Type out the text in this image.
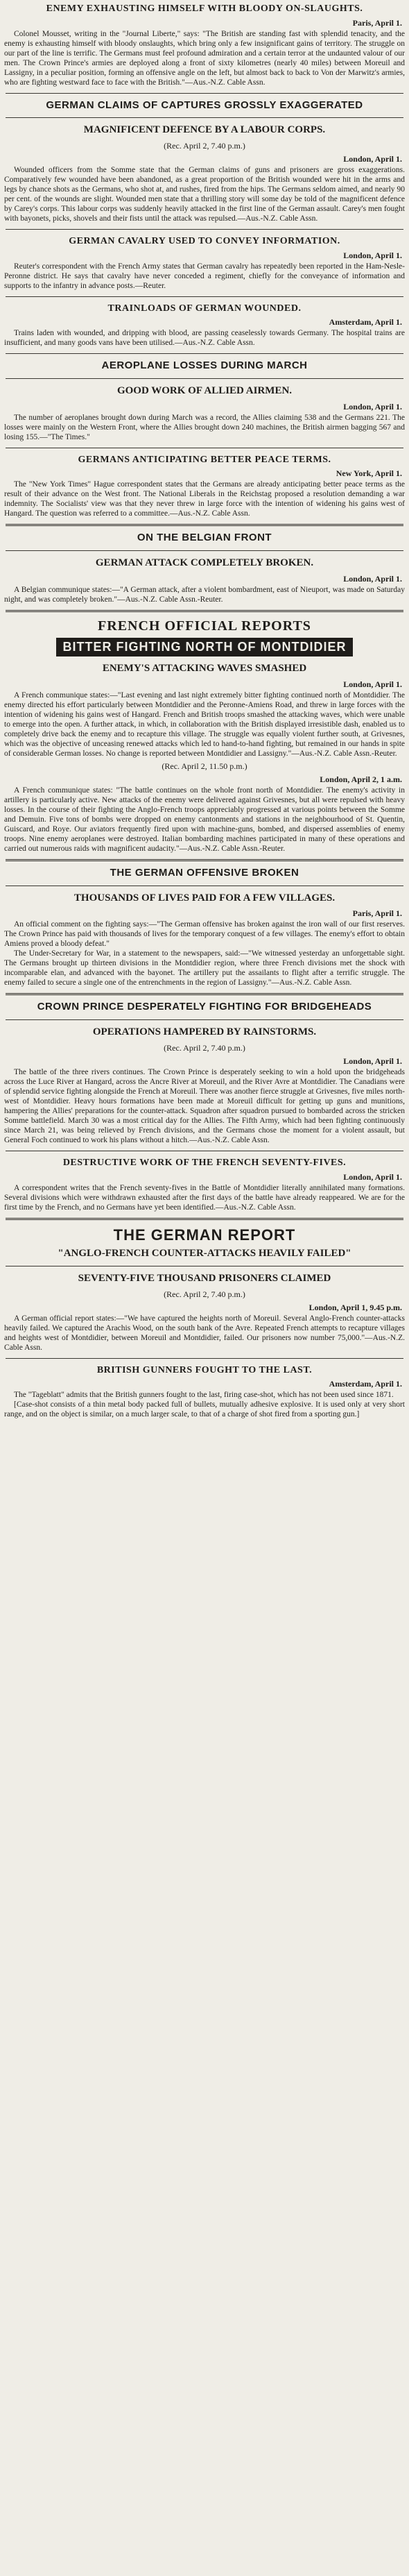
ENEMY EXHAUSTING HIMSELF WITH BLOODY ON-SLAUGHTS.
Paris, April 1.

Colonel Mousset, writing in the "Journal Liberte," says: "The British are standing fast with splendid tenacity, and the enemy is exhausting himself with bloody onslaughts, which bring only a few insignificant gains of territory. The struggle on our part of the line is terrific. The Germans must feel profound admiration and a certain terror at the undaunted valour of our men. The Crown Prince's armies are deployed along a front of sixty kilometres (nearly 40 miles) between Moreuil and Lassigny, in a peculiar position, forming an offensive angle on the left, but almost back to back to Von der Marwitz's armies, who are fighting westward face to face with the British."—Aus.-N.Z. Cable Assn.

GERMAN CLAIMS OF CAPTURES GROSSLY EXAGGERATED
MAGNIFICENT DEFENCE BY A LABOUR CORPS.
(Rec. April 2, 7.40 p.m.)
London, April 1.

Wounded officers from the Somme state that the German claims of guns and prisoners are gross exaggerations. Comparatively few wounded have been abandoned, as a great proportion of the British wounded were hit in the arms and legs by chance shots as the Germans, who shot at, and rushes, fired from the hips. The Germans seldom aimed, and nearly 90 per cent. of the wounds are slight. Wounded men state that a thrilling story will some day be told of the magnificent defence by Carey's corps. This labour corps was suddenly heavily attacked in the first line of the German assault. Carey's men fought with bayonets, picks, shovels and their fists until the attack was repulsed.—Aus.-N.Z. Cable Assn.

GERMAN CAVALRY USED TO CONVEY INFORMATION.
London, April 1.

Reuter's correspondent with the French Army states that German cavalry has repeatedly been reported in the Ham-Nesle-Peronne district. He says that cavalry have never conceded a regiment, chiefly for the conveyance of information and supports to the infantry in advance posts.—Reuter.

TRAINLOADS OF GERMAN WOUNDED.
Amsterdam, April 1.

Trains laden with wounded, and dripping with blood, are passing ceaselessly towards Germany. The hospital trains are insufficient, and many goods vans have been utilised.—Aus.-N.Z. Cable Assn.

AEROPLANE LOSSES DURING MARCH
GOOD WORK OF ALLIED AIRMEN.
London, April 1.

The number of aeroplanes brought down during March was a record, the Allies claiming 538 and the Germans 221. The losses were mainly on the Western Front, where the Allies brought down 240 machines, the British airmen bagging 567 and losing 155.—"The Times."

GERMANS ANTICIPATING BETTER PEACE TERMS.
New York, April 1.

The "New York Times" Hague correspondent states that the Germans are already anticipating better peace terms as the result of their advance on the West front. The National Liberals in the Reichstag proposed a resolution demanding a war indemnity. The Socialists' view was that they never threw in large force with the intention of widening his gains west of Hangard. The question was referred to a committee.—Aus.-N.Z. Cable Assn.

ON THE BELGIAN FRONT
GERMAN ATTACK COMPLETELY BROKEN.
London, April 1.

A Belgian communique states:—"A German attack, after a violent bombardment, east of Nieuport, was made on Saturday night, and was completely broken."—Aus.-N.Z. Cable Assn.-Reuter.

FRENCH OFFICIAL REPORTS
BITTER FIGHTING NORTH OF MONTDIDIER
ENEMY'S ATTACKING WAVES SMASHED
London, April 1.

A French communique states:—"Last evening and last night extremely bitter fighting continued north of Montdidier. The enemy directed his effort particularly between Montdidier and the Peronne-Amiens Road, and threw in large forces with the intention of widening his gains west of Hangard. French and British troops smashed the attacking waves, which were unable to emerge into the open. A further attack, in which, in collaboration with the British displayed irresistible dash, enabled us to completely drive back the enemy and to recapture this village. The struggle was equally violent further south, at Grivesnes, which was the objective of unceasing renewed attacks which led to hand-to-hand fighting, but remained in our hands in spite of considerable German losses. No change is reported between Montdidier and Lassigny."—Aus.-N.Z. Cable Assn.-Reuter.

(Rec. April 2, 11.50 p.m.)
London, April 2, 1 a.m.

A French communique states: "The battle continues on the whole front north of Montdidier. The enemy's activity in artillery is particularly active. New attacks of the enemy were delivered against Grivesnes, but all were repulsed with heavy losses. In the course of their fighting the Anglo-French troops appreciably progressed at various points between the Somme and Demuin. Five tons of bombs were dropped on enemy cantonments and stations in the neighbourhood of St. Quentin, Guiscard, and Roye. Our aviators frequently fired upon with machine-guns, bombed, and dispersed assemblies of enemy troops. Nine enemy aeroplanes were destroyed. Italian bombarding machines participated in many of these operations and carried out numerous raids with magnificent audacity."—Aus.-N.Z. Cable Assn.-Reuter.

THE GERMAN OFFENSIVE BROKEN
THOUSANDS OF LIVES PAID FOR A FEW VILLAGES.
Paris, April 1.

An official comment on the fighting says:—"The German offensive has broken against the iron wall of our first reserves. The Crown Prince has paid with thousands of lives for the temporary conquest of a few villages. The enemy's effort to obtain Amiens proved a bloody defeat."

The Under-Secretary for War, in a statement to the newspapers, said:—"We witnessed yesterday an unforgettable sight. The Germans brought up thirteen divisions in the Montdidier region, where three French divisions met the shock with incomparable elan, and advanced with the bayonet. The artillery put the assailants to flight after a terrific struggle. The enemy failed to secure a single one of the entrenchments in the region of Lassigny."—Aus.-N.Z. Cable Assn.

CROWN PRINCE DESPERATELY FIGHTING FOR BRIDGEHEADS
OPERATIONS HAMPERED BY RAINSTORMS.
(Rec. April 2, 7.40 p.m.)
London, April 1.

The battle of the three rivers continues. The Crown Prince is desperately seeking to win a hold upon the bridgeheads across the Luce River at Hangard, across the Ancre River at Moreuil, and the River Avre at Montdidier. The Canadians were of splendid service fighting alongside the French at Moreuil. There was another fierce struggle at Grivesnes, five miles north-west of Montdidier. Heavy hours formations have been made at Moreuil difficult for getting up guns and munitions, hampering the Allies' preparations for the counter-attack. Squadron after squadron pursued to bombarded across the stricken Somme battlefield. March 30 was a most critical day for the Allies. The Fifth Army, which had been fighting continuously since March 21, was being relieved by French divisions, and the Germans chose the moment for a violent assault, but General Foch continued to work his plans without a hitch.—Aus.-N.Z. Cable Assn.

DESTRUCTIVE WORK OF THE FRENCH SEVENTY-FIVES.
London, April 1.

A correspondent writes that the French seventy-fives in the Battle of Montdidier literally annihilated many formations. Several divisions which were withdrawn exhausted after the first days of the battle have already reappeared. We are for the first time by the French, and no Germans have yet been identified.—Aus.-N.Z. Cable Assn.

THE GERMAN REPORT
"ANGLO-FRENCH COUNTER-ATTACKS HEAVILY FAILED"
SEVENTY-FIVE THOUSAND PRISONERS CLAIMED
(Rec. April 2, 7.40 p.m.)
London, April 1, 9.45 p.m.

A German official report states:—"We have captured the heights north of Moreuil. Several Anglo-French counter-attacks heavily failed. We captured the Arachis Wood, on the south bank of the Avre. Repeated French attempts to recapture villages and heights west of Montdidier, between Moreuil and Montdidier, failed. Our prisoners now number 75,000."—Aus.-N.Z. Cable Assn.

BRITISH GUNNERS FOUGHT TO THE LAST.
Amsterdam, April 1.

The "Tageblatt" admits that the British gunners fought to the last, firing case-shot, which has not been used since 1871.

[Case-shot consists of a thin metal body packed full of bullets, mutually adhesive explosive. It is used only at very short range, and on the object is similar, on a much larger scale, to that of a charge of shot fired from a sporting gun.]
